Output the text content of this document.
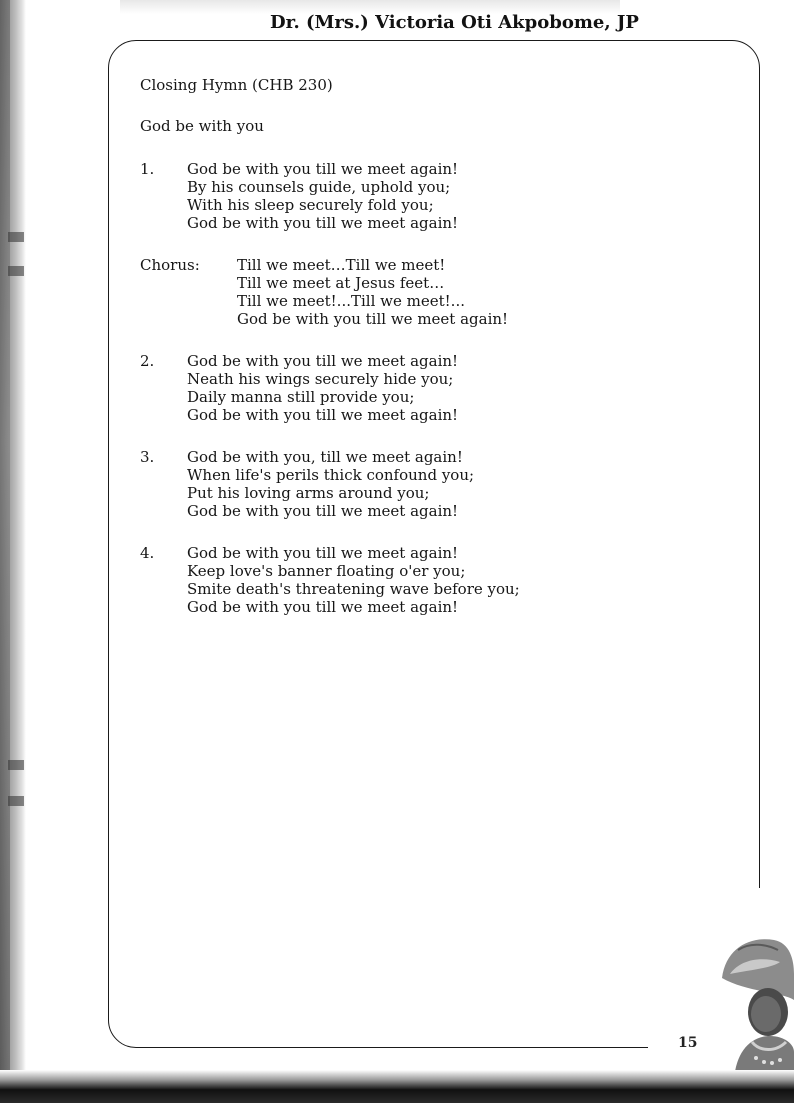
Dr. (Mrs.) Victoria Oti Akpobome, JP
Closing Hymn (CHB 230)
God be with you
1.	God be with you till we meet again!
By his counsels guide, uphold you;
With his sleep securely fold you;
God be with you till we meet again!
Chorus:	Till we meet…Till we meet!
Till we meet at Jesus feet…
Till we meet!...Till we meet!...
God be with you till we meet again!
2.	God be with you till we meet again!
Neath his wings securely hide you;
Daily manna still provide you;
God be with you till we meet again!
3.	God be with you, till we meet again!
When life's perils thick confound you;
Put his loving arms around you;
God be with you till we meet again!
4.	God be with you till we meet again!
Keep love's banner floating o'er you;
Smite death's threatening wave before you;
God be with you till we meet again!
15
